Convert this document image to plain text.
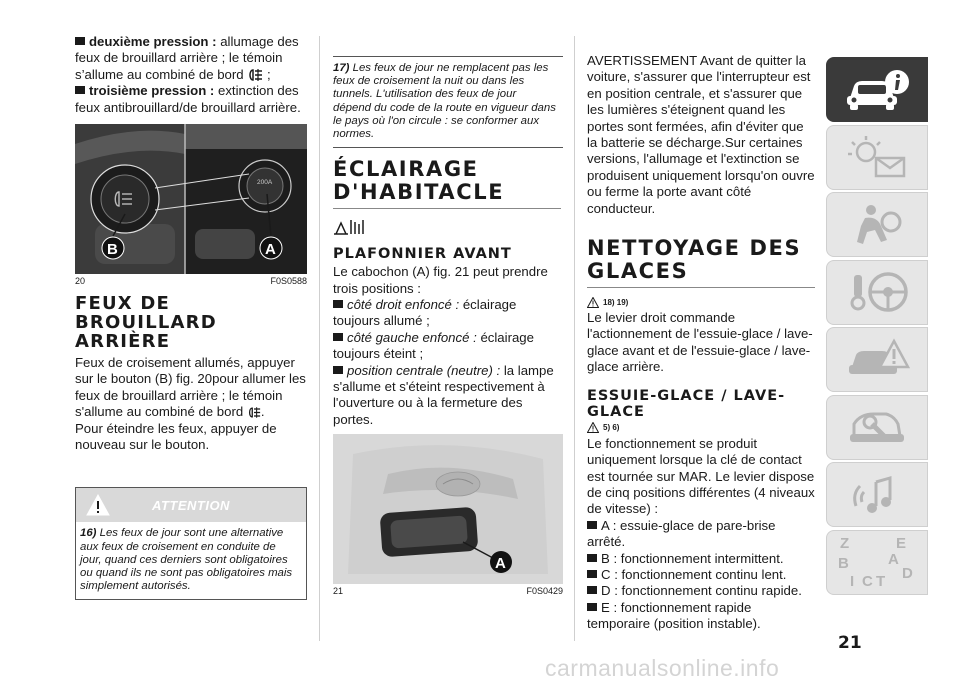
deuxième pression : allumage des feux de brouillard arrière ; le témoin s’allume au combiné de bord  ;

troisième pression : extinction des feux antibrouillard/de brouillard arrière.

200A
B	A
20	F0S0588
FEUX DE BROUILLARD ARRIÈRE

Feux de croisement allumés, appuyer sur le bouton (B) fig. 20pour allumer les feux de brouillard arrière ; le témoin s'allume au combiné de bord .

Pour éteindre les feux, appuyer de nouveau sur le bouton.

ATTENTION
16) Les feux de jour sont une alternative aux feux de croisement en conduite de jour, quand ces derniers sont obligatoires ou quand ils ne sont pas obligatoires mais simplement autorisés.
17) Les feux de jour ne remplacent pas les feux de croisement la nuit ou dans les tunnels. L'utilisation des feux de jour dépend du code de la route en vigueur dans le pays où l'on circule : se conformer aux normes.
ÉCLAIRAGE D'HABITACLE
PLAFONNIER AVANT

Le cabochon (A) fig. 21 peut prendre trois positions :

côté droit enfoncé : éclairage toujours allumé ;

côté gauche enfoncé : éclairage toujours éteint ;

position centrale (neutre) : la lampe s'allume et s'éteint respectivement à l'ouverture ou à la fermeture des portes.

A
21	F0S0429

AVERTISSEMENT Avant de quitter la voiture, s'assurer que l'interrupteur est en position centrale, et s'assurer que les lumières s'éteignent quand les portes sont fermées, afin d'éviter que la batterie se décharge.Sur certaines versions, l'allumage et l'extinction se produisent uniquement lorsqu'on ouvre ou ferme la porte avant côté conducteur.

NETTOYAGE DES GLACES
18) 19)

Le levier droit commande l'actionnement de l'essuie-glace / lave-glace avant et de l'essuie-glace / lave-glace arrière.

ESSUIE-GLACE / LAVE-GLACE
5) 6)

Le fonctionnement se produit uniquement lorsque la clé de contact est tournée sur MAR. Le levier dispose de cinq positions différentes (4 niveaux de vitesse) :

A : essuie-glace de pare-brise arrêté.

B : fonctionnement intermittent.

C : fonctionnement continu lent.

D : fonctionnement continu rapide.

E : fonctionnement rapide temporaire (position instable).

Z	E
B	A
I C T D
21
carmanualsonline.info
